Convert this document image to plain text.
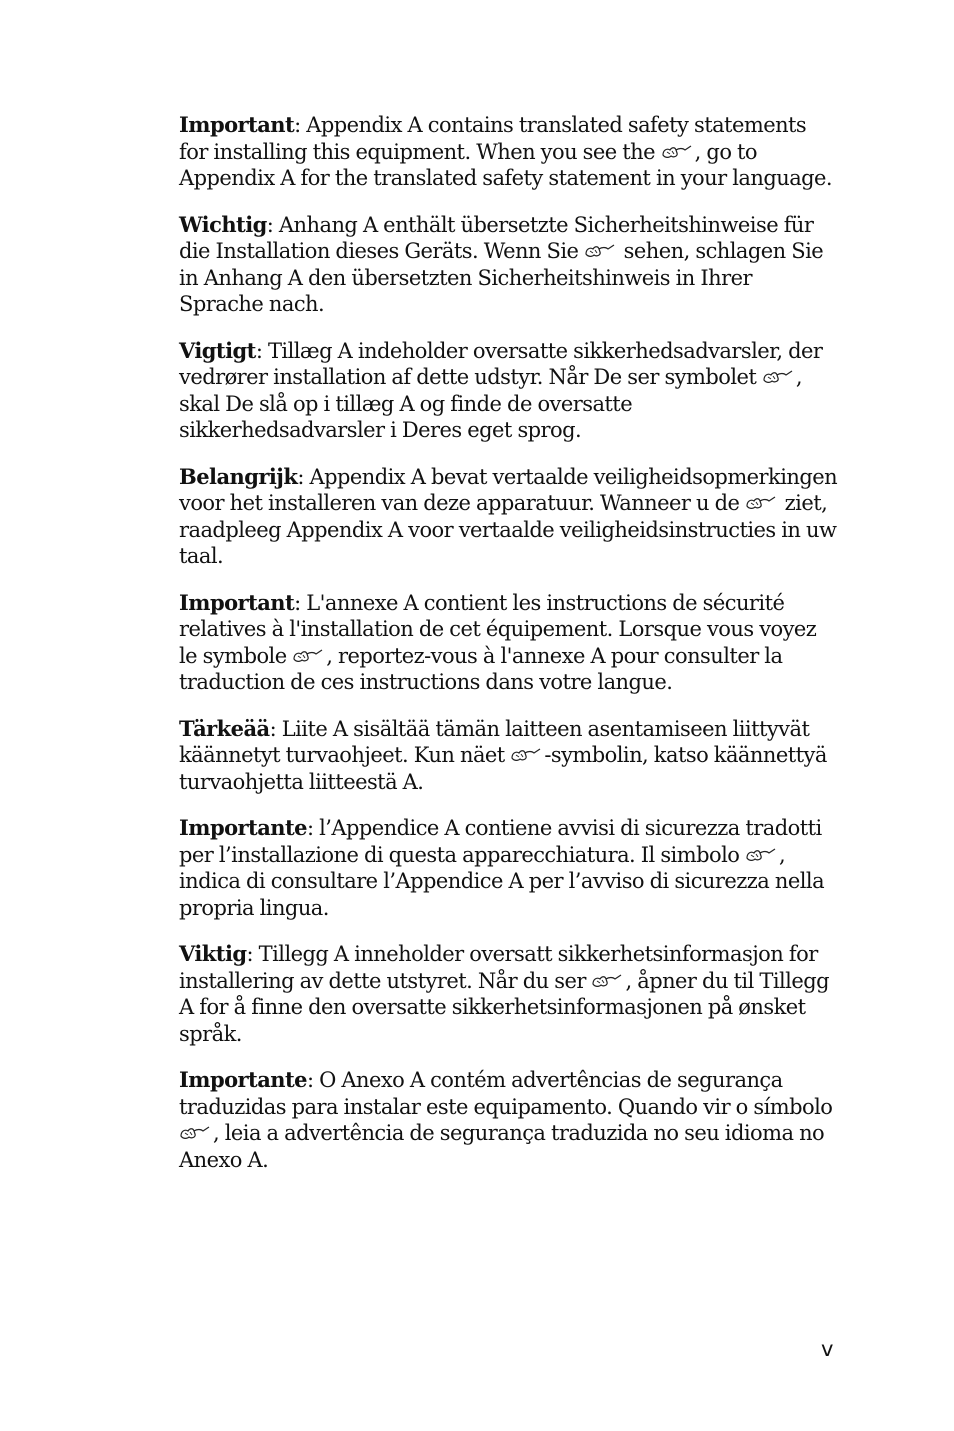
Important: Appendix A contains translated safety statements for installing this equipment. When you see the
, go to Appendix A for the translated safety statement in your language.

Wichtig: Anhang A enthält übersetzte Sicherheitshinweise für die Installation dieses Geräts. Wenn Sie
sehen, schlagen Sie in Anhang A den übersetzten Sicherheitshinweis in Ihrer Sprache nach.

Vigtigt: Tillæg A indeholder oversatte sikkerhedsadvarsler, der vedrører installation af dette udstyr. Når De ser symbolet
, skal De slå op i tillæg A og finde de oversatte sikkerhedsadvarsler i Deres eget sprog.

Belangrijk: Appendix A bevat vertaalde veiligheidsopmerkingen voor het installeren van deze apparatuur. Wanneer u de
ziet, raadpleeg Appendix A voor vertaalde veiligheidsinstructies in uw taal.

Important: L'annexe A contient les instructions de sécurité relatives à l'installation de cet équipement. Lorsque vous voyez le symbole
, reportez-vous à l'annexe A pour consulter la traduction de ces instructions dans votre langue.

Tärkeää: Liite A sisältää tämän laitteen asentamiseen liittyvät käännetyt turvaohjeet. Kun näet
-symbolin, katso käännettyä turvaohjetta liitteestä A.

Importante: l’Appendice A contiene avvisi di sicurezza tradotti per l’installazione di questa apparecchiatura. Il simbolo
, indica di consultare l’Appendice A per l’avviso di sicurezza nella propria lingua.

Viktig: Tillegg A inneholder oversatt sikkerhetsinformasjon for installering av dette utstyret. Når du ser
, åpner du til Tillegg A for å finne den oversatte sikkerhetsinformasjonen på ønsket språk.

Importante: O Anexo A contém advertências de segurança traduzidas para instalar este equipamento. Quando vir o símbolo
, leia a advertência de segurança traduzida no seu idioma no Anexo A.

v
